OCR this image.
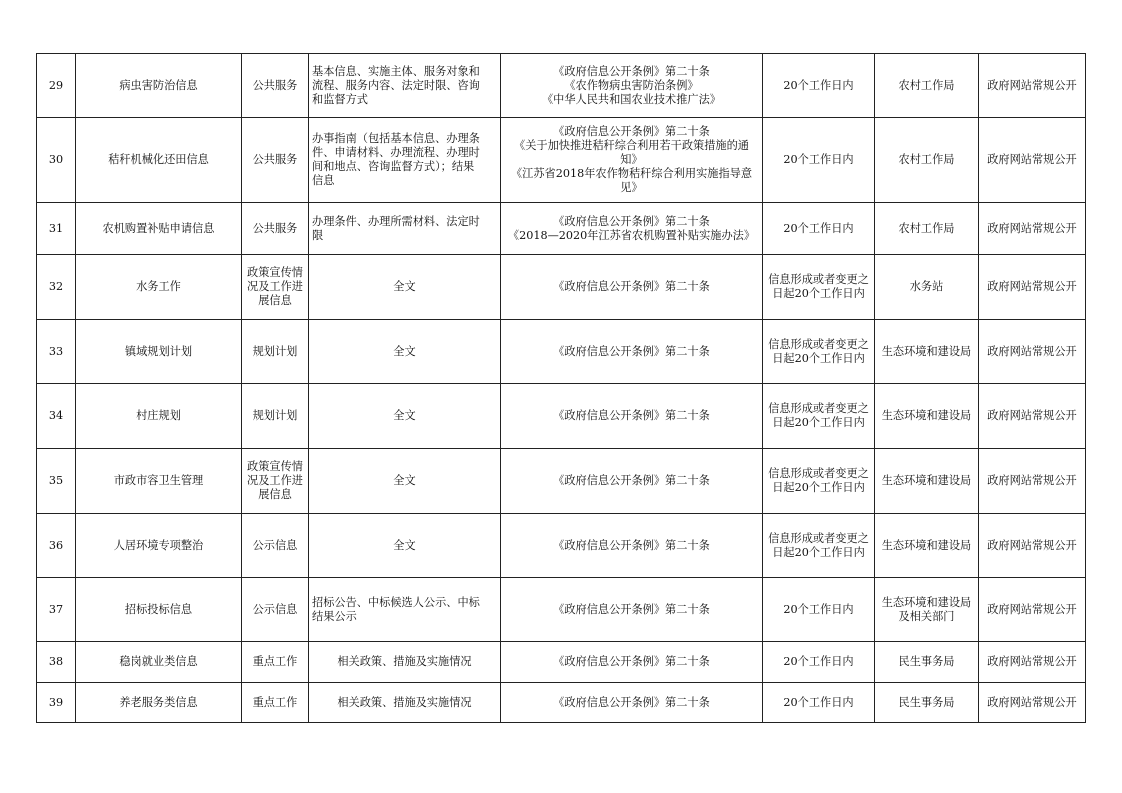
29	病虫害防治信息	公共服务	基本信息、实施主体、服务对象和
流程、服务内容、法定时限、咨询
和监督方式	《政府信息公开条例》第二十条
《农作物病虫害防治条例》
《中华人民共和国农业技术推广法》	20个工作日内	农村工作局	政府网站常规公开
30	秸秆机械化还田信息	公共服务	办事指南（包括基本信息、办理条
件、申请材料、办理流程、办理时
间和地点、咨询监督方式）；结果
信息	《政府信息公开条例》第二十条
《关于加快推进秸秆综合利用若干政策措施的通
知》
《江苏省2018年农作物秸秆综合利用实施指导意
见》	20个工作日内	农村工作局	政府网站常规公开
31	农机购置补贴申请信息	公共服务	办理条件、办理所需材料、法定时
限	《政府信息公开条例》第二十条
《2018—2020年江苏省农机购置补贴实施办法》	20个工作日内	农村工作局	政府网站常规公开
32	水务工作	政策宣传情况及工作进展信息	全文	《政府信息公开条例》第二十条	信息形成或者变更之
日起20个工作日内	水务站	政府网站常规公开
33	镇域规划计划	规划计划	全文	《政府信息公开条例》第二十条	信息形成或者变更之
日起20个工作日内	生态环境和建设局	政府网站常规公开
34	村庄规划	规划计划	全文	《政府信息公开条例》第二十条	信息形成或者变更之
日起20个工作日内	生态环境和建设局	政府网站常规公开
35	市政市容卫生管理	政策宣传情况及工作进展信息	全文	《政府信息公开条例》第二十条	信息形成或者变更之
日起20个工作日内	生态环境和建设局	政府网站常规公开
36	人居环境专项整治	公示信息	全文	《政府信息公开条例》第二十条	信息形成或者变更之
日起20个工作日内	生态环境和建设局	政府网站常规公开
37	招标投标信息	公示信息	招标公告、中标候选人公示、中标
结果公示	《政府信息公开条例》第二十条	20个工作日内	生态环境和建设局
及相关部门	政府网站常规公开
38	稳岗就业类信息	重点工作	相关政策、措施及实施情况	《政府信息公开条例》第二十条	20个工作日内	民生事务局	政府网站常规公开
39	养老服务类信息	重点工作	相关政策、措施及实施情况	《政府信息公开条例》第二十条	20个工作日内	民生事务局	政府网站常规公开
